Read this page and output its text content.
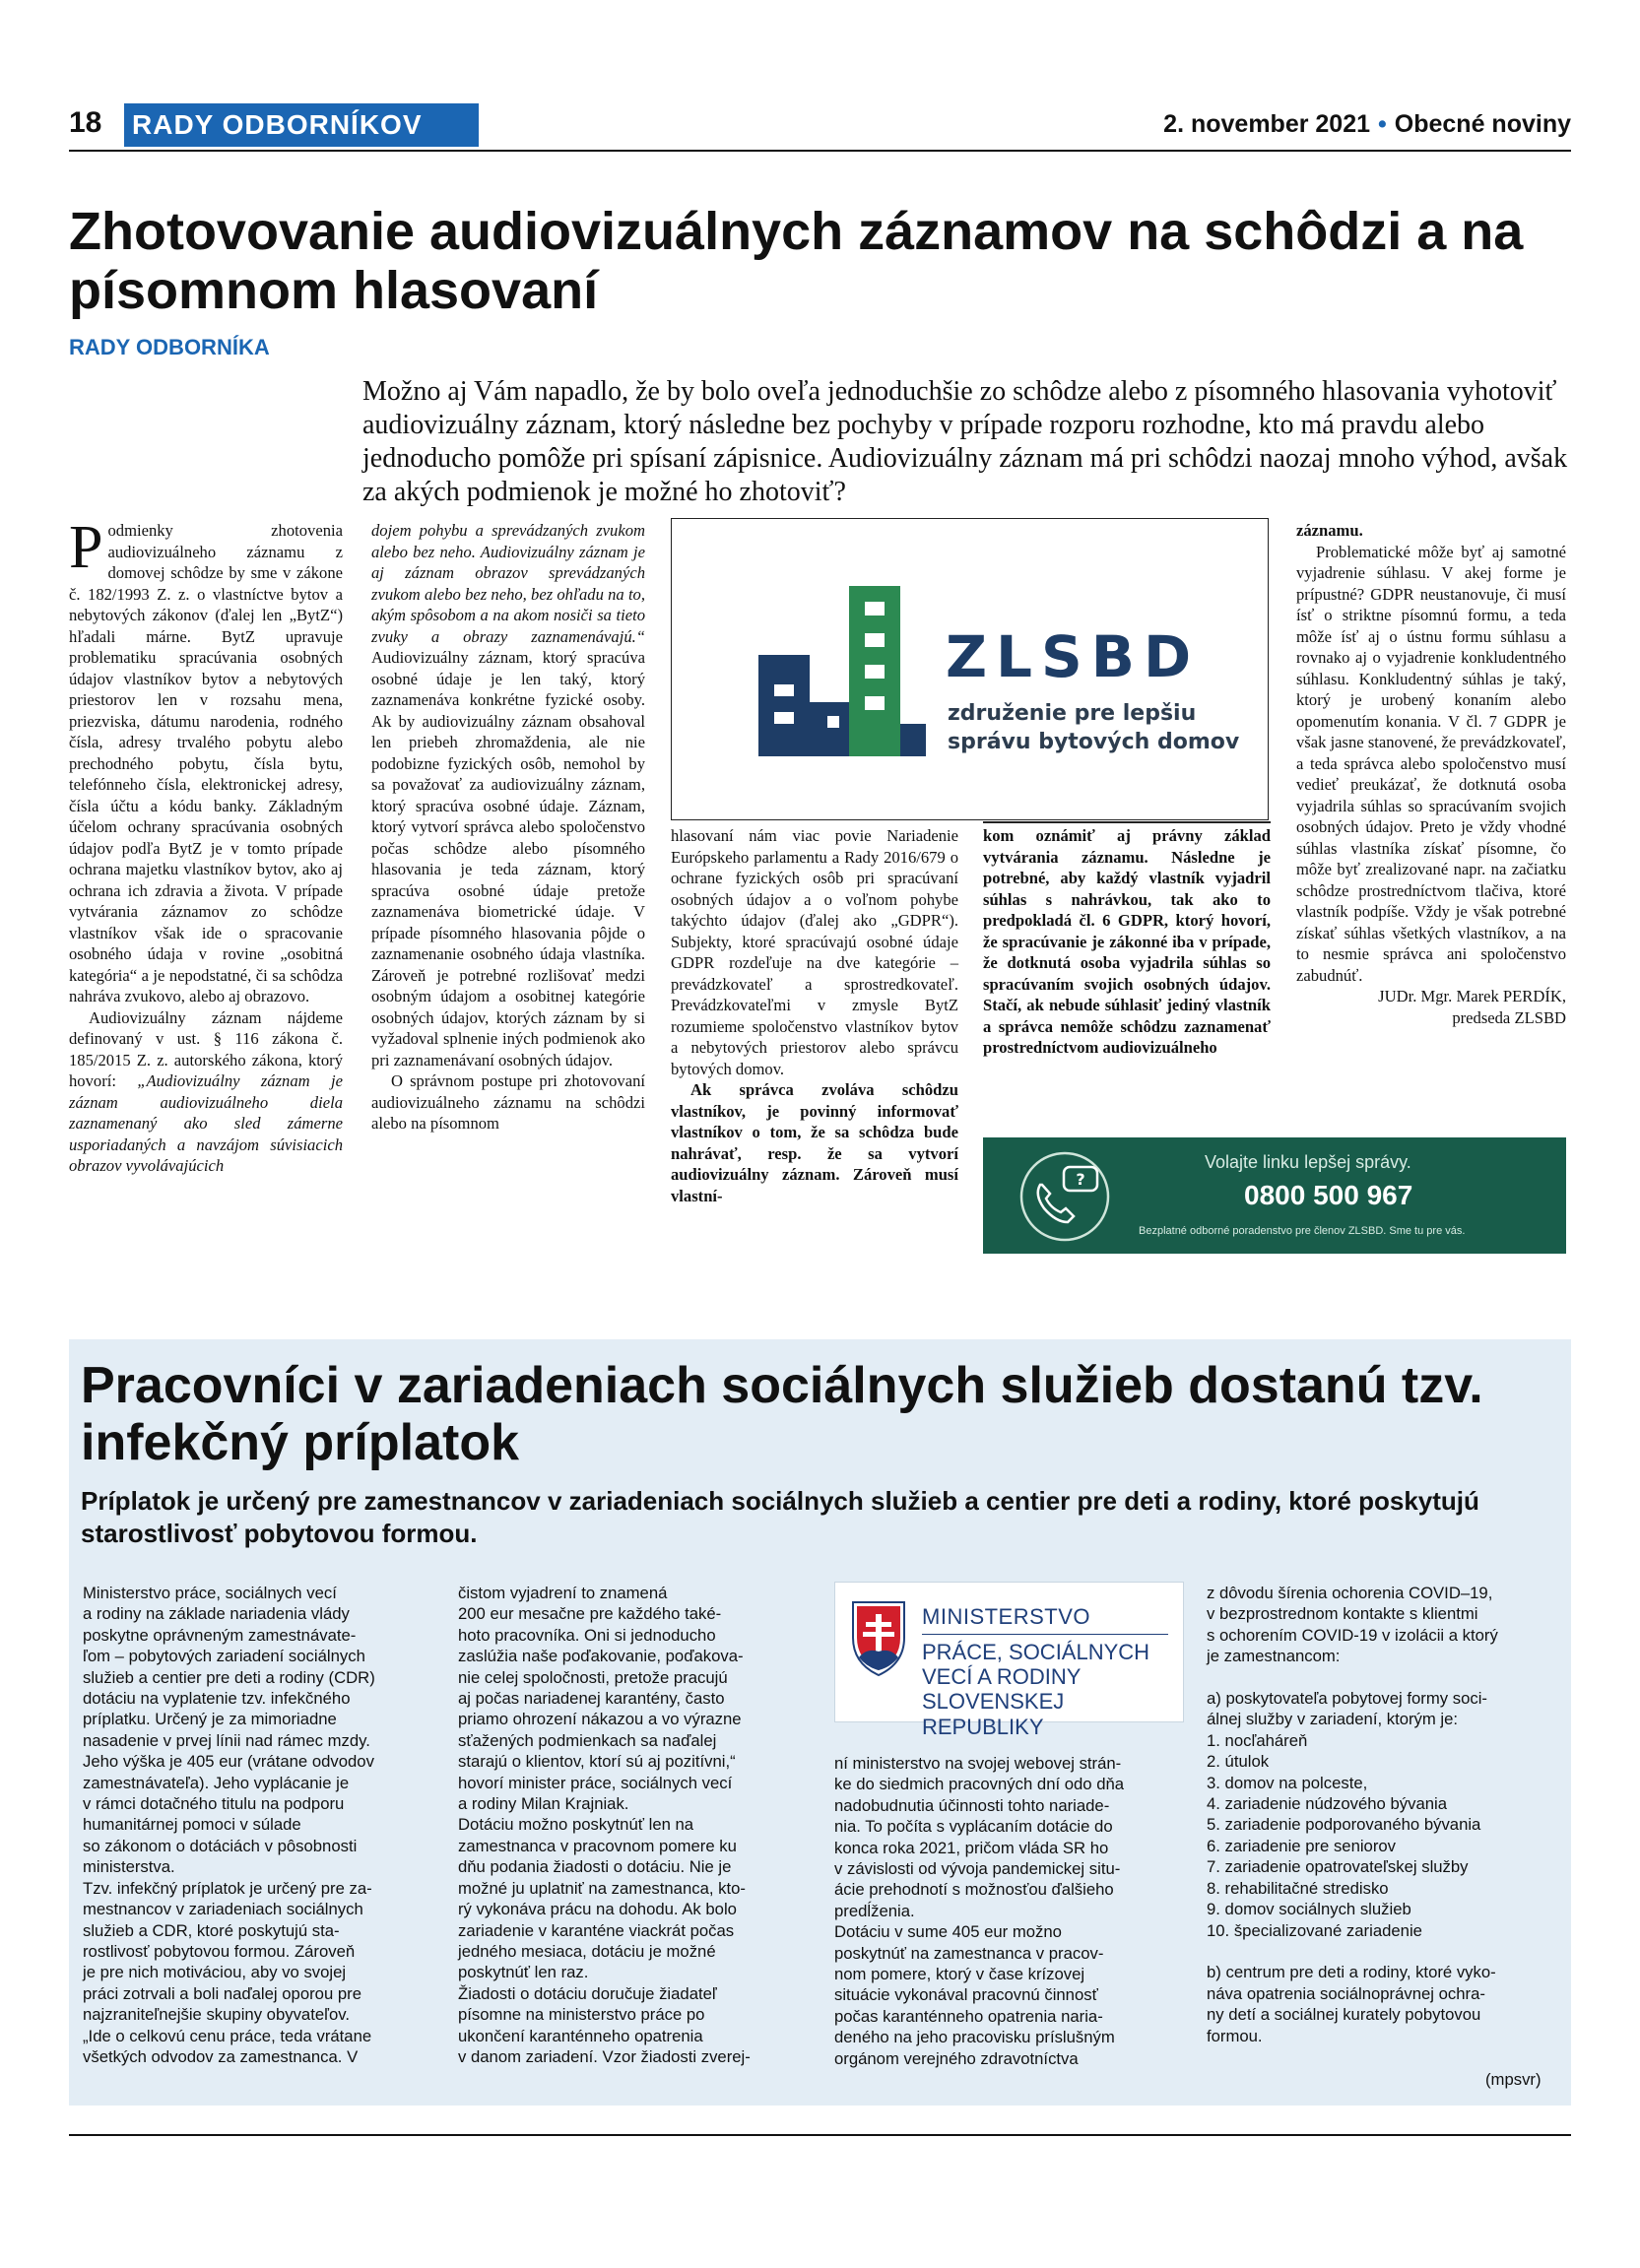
18 RADY ODBORNÍKOV	2. november 2021 • Obecné noviny
Zhotovovanie audiovizuálnych záznamov na schôdzi a na písomnom hlasovaní
RADY ODBORNÍKA
Možno aj Vám napadlo, že by bolo oveľa jednoduchšie zo schôdze alebo z písomného hlasovania vyhotoviť audiovizuálny záznam, ktorý následne bez pochyby v prípade rozporu rozhodne, kto má pravdu alebo jednoducho pomôže pri spísaní zápisnice. Audiovizuálny záznam má pri schôdzi naozaj mnoho výhod, avšak za akých podmienok je možné ho zhotoviť?
Podmienky zhotovenia audiovizuálneho záznamu z domovej schôdze by sme v zákone č. 182/1993 Z. z. o vlastníctve bytov a nebytových zákonov (ďalej len „BytZ“) hľadali márne. BytZ upravuje problematiku spracúvania osobných údajov vlastníkov bytov a nebytových priestorov len v rozsahu mena, priezviska, dátumu narodenia, rodného čísla, adresy trvalého pobytu alebo prechodného pobytu, čísla bytu, telefónneho čísla, elektronickej adresy, čísla účtu a kódu banky. Základným účelom ochrany spracúvania osobných údajov podľa BytZ je v tomto prípade ochrana majetku vlastníkov bytov, ako aj ochrana ich zdravia a života. V prípade vytvárania záznamov zo schôdze vlastníkov však ide o spracovanie osobného údaja v rovine „osobitná kategória“ a je nepodstatné, či sa schôdza nahráva zvukovo, alebo aj obrazovo.

Audiovizuálny záznam nájdeme definovaný v ust. § 116 zákona č. 185/2015 Z. z. autorského zákona, ktorý hovorí: „Audiovizuálny záznam je záznam audiovizuálneho diela zaznamenaný ako sled zámerne usporiadaných a navzájom súvisiacich obrazov vyvolávajúcich

dojem pohybu a sprevádzaných zvukom alebo bez neho. Audiovizuálny záznam je aj záznam obrazov sprevádzaných zvukom alebo bez neho, bez ohľadu na to, akým spôsobom a na akom nosiči sa tieto zvuky a obrazy zaznamenávajú.“ Audiovizuálny záznam, ktorý spracúva osobné údaje je len taký, ktorý zaznamenáva konkrétne fyzické osoby. Ak by audiovizuálny záznam obsahoval len priebeh zhromaždenia, ale nie podobizne fyzických osôb, nemohol by sa považovať za audiovizuálny záznam, ktorý spracúva osobné údaje. Záznam, ktorý vytvorí správca alebo spoločenstvo počas schôdze alebo písomného hlasovania je teda záznam, ktorý spracúva osobné údaje pretože zaznamenáva biometrické údaje. V prípade písomného hlasovania pôjde o zaznamenanie osobného údaja vlastníka. Zároveň je potrebné rozlišovať medzi osobným údajom a osobitnej kategórie osobných údajov, ktorých záznam by si vyžadoval splnenie iných podmienok ako pri zaznamenávaní osobných údajov.

O správnom postupe pri zhotovovaní audiovizuálneho záznamu na schôdzi alebo na písomnom

ZLSBD
združenie pre lepšiu
správu bytových domov

hlasovaní nám viac povie Nariadenie Európskeho parlamentu a Rady 2016/679 o ochrane fyzických osôb pri spracúvaní osobných údajov a o voľnom pohybe takýchto údajov (ďalej ako „GDPR“). Subjekty, ktoré spracúvajú osobné údaje GDPR rozdeľuje na dve kategórie – prevádzkovateľ a sprostredkovateľ. Prevádzkovateľmi v zmysle BytZ rozumieme spoločenstvo vlastníkov bytov a nebytových priestorov alebo správcu bytových domov.

Ak správca zvoláva schôdzu vlastníkov, je povinný informovať vlastníkov o tom, že sa schôdza bude nahrávať, resp. že sa vytvorí audiovizuálny záznam. Zároveň musí vlastní-

kom oznámiť aj právny základ vytvárania záznamu. Následne je potrebné, aby každý vlastník vyjadril súhlas s nahrávkou, tak ako to predpokladá čl. 6 GDPR, ktorý hovorí, že spracúvanie je zákonné iba v prípade, že dotknutá osoba vyjadrila súhlas so spracúvaním svojich osobných údajov. Stačí, ak nebude súhlasiť jediný vlastník a správca nemôže schôdzu zaznamenať prostredníctvom audiovizuálneho

záznamu.

Problematické môže byť aj samotné vyjadrenie súhlasu. V akej forme je prípustné? GDPR neustanovuje, či musí ísť o striktne písomnú formu, a teda môže ísť aj o ústnu formu súhlasu a rovnako aj o vyjadrenie konkludentného súhlasu. Konkludentný súhlas je taký, ktorý je urobený konaním alebo opomenutím konania. V čl. 7 GDPR je však jasne stanovené, že prevádzkovateľ, a teda správca alebo spoločenstvo musí vedieť preukázať, že dotknutá osoba vyjadrila súhlas so spracúvaním svojich osobných údajov. Preto je vždy vhodné súhlas vlastníka získať písomne, čo môže byť zrealizované napr. na začiatku schôdze prostredníctvom tlačiva, ktoré vlastník podpíše. Vždy je však potrebné získať súhlas všetkých vlastníkov, a na to nesmie správca ani spoločenstvo zabudnúť.

JUDr. Mgr. Marek PERDÍK,

predseda ZLSBD

?
Volajte linku lepšej správy.
0800 500 967
Bezplatné odborné poradenstvo pre členov ZLSBD. Sme tu pre vás.
Pracovníci v zariadeniach sociálnych služieb dostanú tzv. infekčný príplatok
Príplatok je určený pre zamestnancov v zariadeniach sociálnych služieb a centier pre deti a rodiny, ktoré poskytujú starostlivosť pobytovou formou.
Ministerstvo práce, sociálnych vecí
a rodiny na základe nariadenia vlády
poskytne oprávneným zamestnávate-
ľom – pobytových zariadení sociálnych
služieb a centier pre deti a rodiny (CDR)
dotáciu na vyplatenie tzv. infekčného
príplatku. Určený je za mimoriadne
nasadenie v prvej línii nad rámec mzdy.
Jeho výška je 405 eur (vrátane odvodov
zamestnávateľa). Jeho vyplácanie je
v rámci dotačného titulu na podporu
humanitárnej pomoci v súlade
so zákonom o dotáciách v pôsobnosti
ministerstva.
Tzv. infekčný príplatok je určený pre za-
mestnancov v zariadeniach sociálnych
služieb a CDR, ktoré poskytujú sta-
rostlivosť pobytovou formou. Zároveň
je pre nich motiváciou, aby vo svojej
práci zotrvali a boli naďalej oporou pre
najzraniteľnejšie skupiny obyvateľov.
„Ide o celkovú cenu práce, teda vrátane
všetkých odvodov za zamestnanca. V
čistom vyjadrení to znamená
200 eur mesačne pre každého také-
hoto pracovníka. Oni si jednoducho
zaslúžia naše poďakovanie, poďakova-
nie celej spoločnosti, pretože pracujú
aj počas nariadenej karantény, často
priamo ohrození nákazou a vo výrazne
sťažených podmienkach sa naďalej
starajú o klientov, ktorí sú aj pozitívni,“
hovorí minister práce, sociálnych vecí
a rodiny Milan Krajniak.
Dotáciu možno poskytnúť len na
zamestnanca v pracovnom pomere ku
dňu podania žiadosti o dotáciu. Nie je
možné ju uplatniť na zamestnanca, kto-
rý vykonáva prácu na dohodu. Ak bolo
zariadenie v karanténe viackrát počas
jedného mesiaca, dotáciu je možné
poskytnúť len raz.
Žiadosti o dotáciu doručuje žiadateľ
písomne na ministerstvo práce po
ukončení karanténneho opatrenia
v danom zariadení. Vzor žiadosti zverej-
MINISTERSTVO
PRÁCE, SOCIÁLNYCH
VECÍ A RODINY
SLOVENSKEJ REPUBLIKY
ní ministerstvo na svojej webovej strán-
ke do siedmich pracovných dní odo dňa
nadobudnutia účinnosti tohto nariade-
nia. To počíta s vyplácaním dotácie do
konca roka 2021, pričom vláda SR ho
v závislosti od vývoja pandemickej situ-
ácie prehodnotí s možnosťou ďalšieho
predĺženia.
Dotáciu v sume 405 eur možno
poskytnúť na zamestnanca v pracov-
nom pomere, ktorý v čase krízovej
situácie vykonával pracovnú činnosť
počas karanténneho opatrenia naria-
deného na jeho pracovisku príslušným
orgánom verejného zdravotníctva
z dôvodu šírenia ochorenia COVID–19,
v bezprostrednom kontakte s klientmi
s ochorením COVID-19 v izolácii a ktorý
je zamestnancom:

a) poskytovateľa pobytovej formy soci-
álnej služby v zariadení, ktorým je:
1. nocľaháreň
2. útulok
3. domov na polceste,
4. zariadenie núdzového bývania
5. zariadenie podporovaného bývania
6. zariadenie pre seniorov
7. zariadenie opatrovateľskej služby
8. rehabilitačné stredisko
9. domov sociálnych služieb
10. špecializované zariadenie

b) centrum pre deti a rodiny, ktoré vyko-
náva opatrenia sociálnoprávnej ochra-
ny detí a sociálnej kurately pobytovou
formou.
(mpsvr)
